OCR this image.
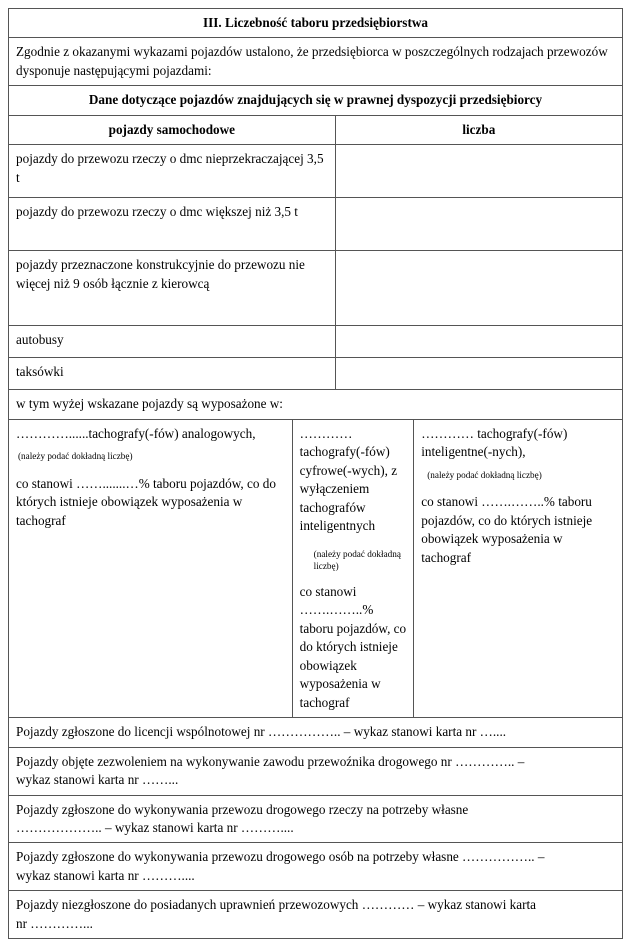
III. Liczebność taboru przedsiębiorstwa			
Zgodnie z okazanymi wykazami pojazdów ustalono, że przedsiębiorca w poszczególnych rodzajach przewozów dysponuje następującymi pojazdami:			
Dane dotyczące pojazdów znajdujących się w prawnej dyspozycji przedsiębiorcy			
pojazdy samochodowe		liczba	
pojazdy do przewozu rzeczy o dmc nieprzekraczającej 3,5 t			
pojazdy do przewozu rzeczy o dmc większej niż 3,5 t			
pojazdy przeznaczone konstrukcyjnie do przewozu nie więcej niż 9 osób łącznie z kierowcą			
autobusy			
taksówki			
w tym wyżej wskazane pojazdy są wyposażone w:			

…………......tachografy(-fów) analogowych,
(należy podać dokładną liczbę)
co stanowi …….......…% taboru pojazdów, co do których istnieje obowiązek wyposażenia w tachograf

………… tachografy(-fów) cyfrowe(-wych), z wyłączeniem tachografów inteligentnych
(należy podać dokładną liczbę)
co stanowi …….……..% taboru pojazdów, co do których istnieje obowiązek wyposażenia w tachograf

………… tachografy(-fów) inteligentne(-nych),
(należy podać dokładną liczbę)
co stanowi …….……..% taboru pojazdów, co do których istnieje obowiązek wyposażenia w tachograf

Pojazdy zgłoszone do licencji wspólnotowej nr …………….. – wykaz stanowi karta nr …....			

Pojazdy objęte zezwoleniem na wykonywanie zawodu przewoźnika drogowego nr ………….. –
wykaz stanowi karta nr ……...			

Pojazdy zgłoszone do wykonywania przewozu drogowego rzeczy na potrzeby własne
……………….. – wykaz stanowi karta nr ………....			

Pojazdy zgłoszone do wykonywania przewozu drogowego osób na potrzeby własne …………….. –
wykaz stanowi karta nr ………....			

Pojazdy niezgłoszone do posiadanych uprawnień przewozowych ………… – wykaz stanowi karta
nr …………...			
